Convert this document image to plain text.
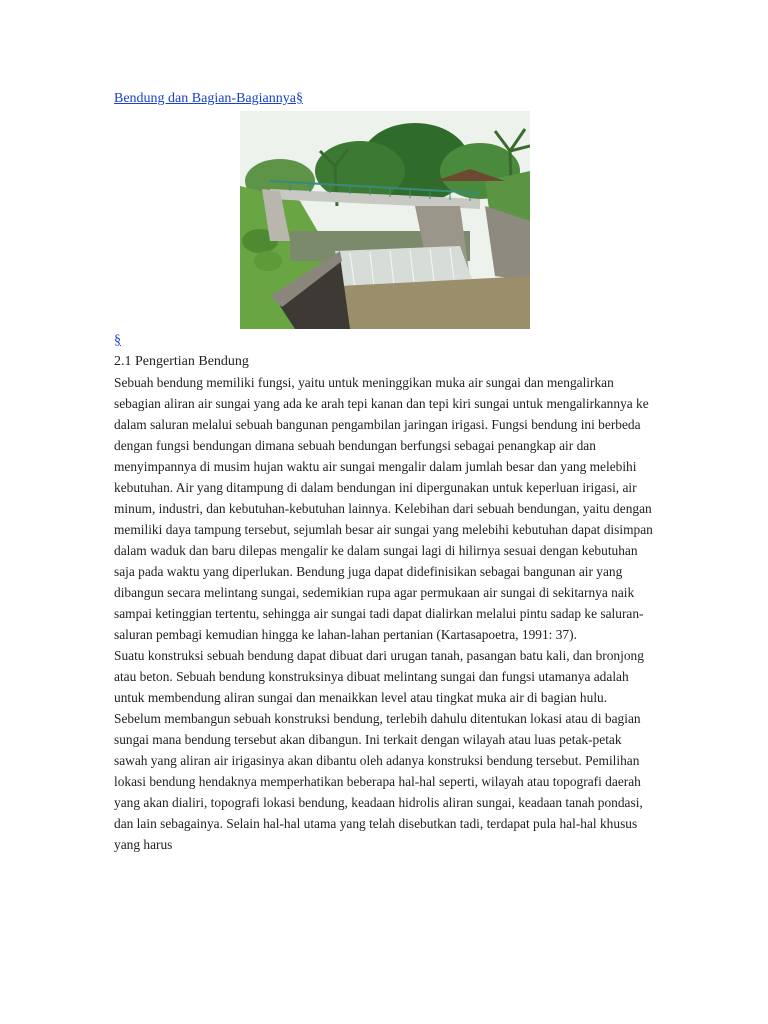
Bendung dan Bagian-Bagiannya§
§

2.1 Pengertian Bendung

Sebuah bendung memiliki fungsi, yaitu untuk meninggikan muka air sungai dan mengalirkan sebagian aliran air sungai yang ada ke arah tepi kanan dan tepi kiri sungai untuk mengalirkannya ke dalam saluran melalui sebuah bangunan pengambilan jaringan irigasi. Fungsi bendung ini berbeda dengan fungsi bendungan dimana sebuah bendungan berfungsi sebagai penangkap air dan menyimpannya di musim hujan waktu air sungai mengalir dalam jumlah besar dan yang melebihi kebutuhan. Air yang ditampung di dalam bendungan ini dipergunakan untuk keperluan irigasi, air minum, industri, dan kebutuhan-kebutuhan lainnya. Kelebihan dari sebuah bendungan, yaitu dengan memiliki daya tampung tersebut, sejumlah besar air sungai yang melebihi kebutuhan dapat disimpan dalam waduk dan baru dilepas mengalir ke dalam sungai lagi di hilirnya sesuai dengan kebutuhan saja pada waktu yang diperlukan. Bendung juga dapat didefinisikan sebagai bangunan air yang dibangun secara melintang sungai, sedemikian rupa agar permukaan air sungai di sekitarnya naik sampai ketinggian tertentu, sehingga air sungai tadi dapat dialirkan melalui pintu sadap ke saluran-saluran pembagi kemudian hingga ke lahan-lahan pertanian (Kartasapoetra, 1991: 37).

Suatu konstruksi sebuah bendung dapat dibuat dari urugan tanah, pasangan batu kali, dan bronjong atau beton. Sebuah bendung konstruksinya dibuat melintang sungai dan fungsi utamanya adalah untuk membendung aliran sungai dan menaikkan level atau tingkat muka air di bagian hulu. Sebelum membangun sebuah konstruksi bendung, terlebih dahulu ditentukan lokasi atau di bagian sungai mana bendung tersebut akan dibangun. Ini terkait dengan wilayah atau luas petak-petak sawah yang aliran air irigasinya akan dibantu oleh adanya konstruksi bendung tersebut. Pemilihan lokasi bendung hendaknya memperhatikan beberapa hal-hal seperti, wilayah atau topografi daerah yang akan dialiri, topografi lokasi bendung, keadaan hidrolis aliran sungai, keadaan tanah pondasi, dan lain sebagainya. Selain hal-hal utama yang telah disebutkan tadi, terdapat pula hal-hal khusus yang harus
